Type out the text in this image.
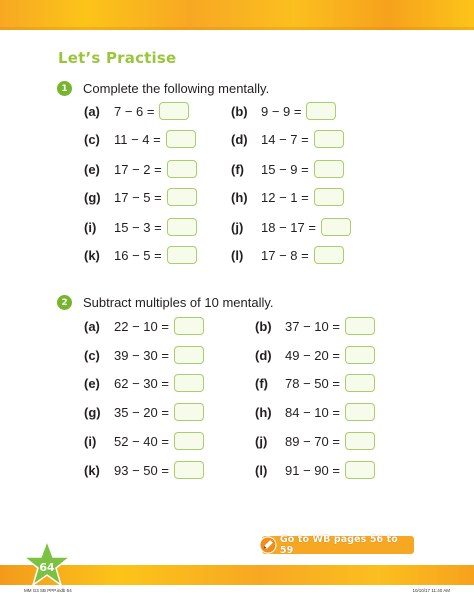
Let’s Practise
1	Complete the following mentally.
(a)	7 − 6 =	(b)	9 − 9 =
(c)	11 − 4 =	(d)	14 − 7 =
(e)	17 − 2 =	(f)	15 − 9 =
(g)	17 − 5 =	(h)	12 − 1 =
(i)	15 − 3 =	(j)	18 − 17 =
(k)	16 − 5 =	(l)	17 − 8 =
2	Subtract multiples of 10 mentally.
(a)	22 − 10 =	(b)	37 − 10 =
(c)	39 − 30 =	(d)	49 − 20 =
(e)	62 − 30 =	(f)	78 − 50 =
(g)	35 − 20 =	(h)	84 − 10 =
(i)	52 − 40 =	(j)	89 − 70 =
(k)	93 − 50 =	(l)	91 − 90 =
Go to WB pages 56 to 59
64
MM G3 SB PPP.indb 64	10/10/17 11:40 AM
